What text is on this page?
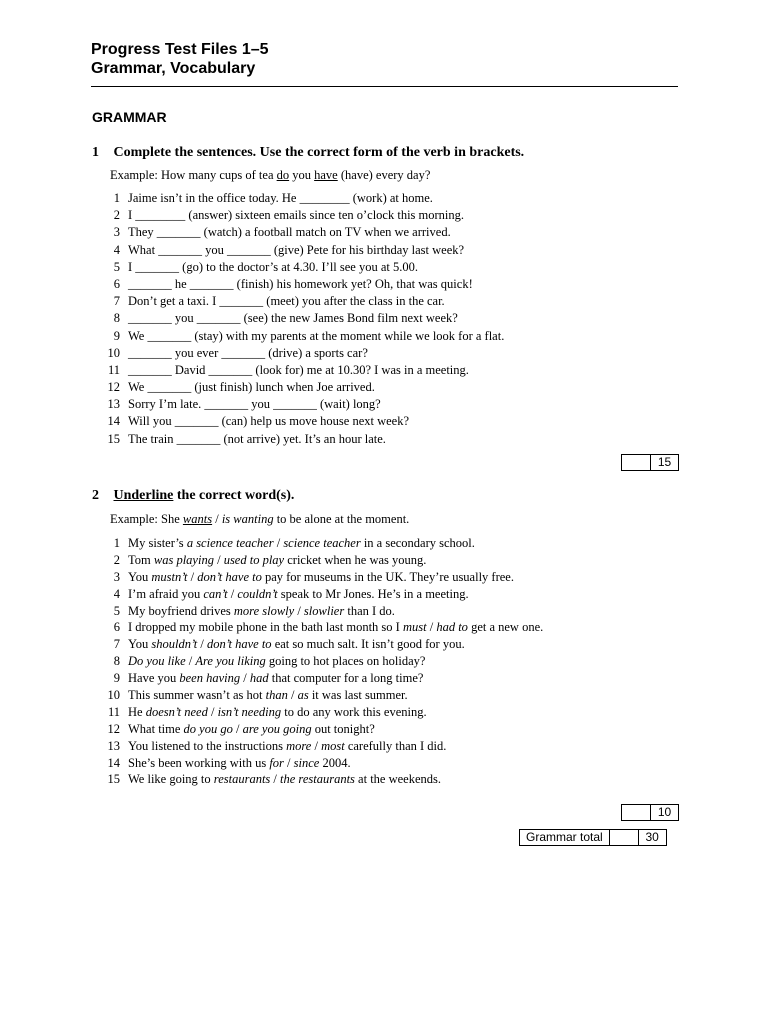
Progress Test Files 1–5
Grammar, Vocabulary
GRAMMAR
1 Complete the sentences. Use the correct form of the verb in brackets.
Example: How many cups of tea do you have (have) every day?
1 Jaime isn’t in the office today. He ________ (work) at home.
2 I ________ (answer) sixteen emails since ten o’clock this morning.
3 They _______ (watch) a football match on TV when we arrived.
4 What _______ you _______ (give) Pete for his birthday last week?
5 I _______ (go) to the doctor’s at 4.30. I’ll see you at 5.00.
6 _______ he _______ (finish) his homework yet? Oh, that was quick!
7 Don’t get a taxi. I _______ (meet) you after the class in the car.
8 _______ you _______ (see) the new James Bond film next week?
9 We _______ (stay) with my parents at the moment while we look for a flat.
10 _______ you ever _______ (drive) a sports car?
11 _______ David _______ (look for) me at 10.30? I was in a meeting.
12 We _______ (just finish) lunch when Joe arrived.
13 Sorry I’m late. _______ you _______ (wait) long?
14 Will you _______ (can) help us move house next week?
15 The train _______ (not arrive) yet. It’s an hour late.
15
2 Underline the correct word(s).
Example: She wants / is wanting to be alone at the moment.
1 My sister’s a science teacher / science teacher in a secondary school.
2 Tom was playing / used to play cricket when he was young.
3 You mustn’t / don’t have to pay for museums in the UK. They’re usually free.
4 I’m afraid you can’t / couldn’t speak to Mr Jones. He’s in a meeting.
5 My boyfriend drives more slowly / slowlier than I do.
6 I dropped my mobile phone in the bath last month so I must / had to get a new one.
7 You shouldn’t / don’t have to eat so much salt. It isn’t good for you.
8 Do you like / Are you liking going to hot places on holiday?
9 Have you been having / had that computer for a long time?
10 This summer wasn’t as hot than / as it was last summer.
11 He doesn’t need / isn’t needing to do any work this evening.
12 What time do you go / are you going out tonight?
13 You listened to the instructions more / most carefully than I did.
14 She’s been working with us for / since 2004.
15 We like going to restaurants / the restaurants at the weekends.
10
Grammar total	30
